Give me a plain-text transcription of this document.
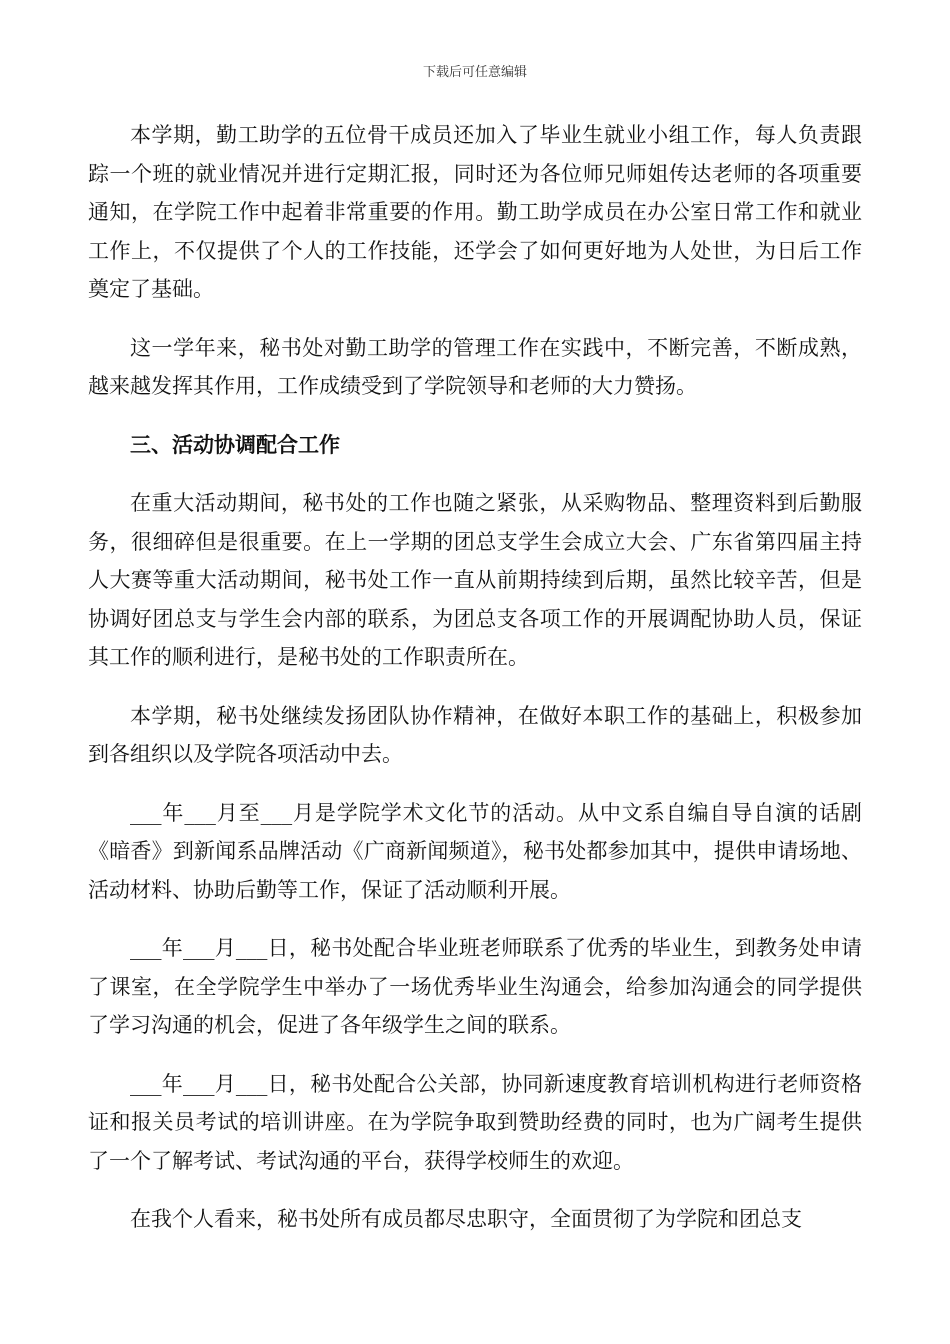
下载后可任意编辑

本学期，勤工助学的五位骨干成员还加入了毕业生就业小组工作，每人负责跟踪一个班的就业情况并进行定期汇报，同时还为各位师兄师姐传达老师的各项重要通知，在学院工作中起着非常重要的作用。勤工助学成员在办公室日常工作和就业工作上，不仅提供了个人的工作技能，还学会了如何更好地为人处世，为日后工作奠定了基础。

这一学年来，秘书处对勤工助学的管理工作在实践中，不断完善，不断成熟，越来越发挥其作用，工作成绩受到了学院领导和老师的大力赞扬。

三、活动协调配合工作

在重大活动期间，秘书处的工作也随之紧张，从采购物品、整理资料到后勤服务，很细碎但是很重要。在上一学期的团总支学生会成立大会、广东省第四届主持人大赛等重大活动期间，秘书处工作一直从前期持续到后期，虽然比较辛苦，但是协调好团总支与学生会内部的联系，为团总支各项工作的开展调配协助人员，保证其工作的顺利进行，是秘书处的工作职责所在。

本学期，秘书处继续发扬团队协作精神，在做好本职工作的基础上，积极参加到各组织以及学院各项活动中去。

___年___月至___月是学院学术文化节的活动。从中文系自编自导自演的话剧《暗香》到新闻系品牌活动《广商新闻频道》，秘书处都参加其中，提供申请场地、活动材料、协助后勤等工作，保证了活动顺利开展。

___年___月___日，秘书处配合毕业班老师联系了优秀的毕业生，到教务处申请了课室，在全学院学生中举办了一场优秀毕业生沟通会，给参加沟通会的同学提供了学习沟通的机会，促进了各年级学生之间的联系。

___年___月___日，秘书处配合公关部，协同新速度教育培训机构进行老师资格证和报关员考试的培训讲座。在为学院争取到赞助经费的同时，也为广阔考生提供了一个了解考试、考试沟通的平台，获得学校师生的欢迎。

在我个人看来，秘书处所有成员都尽忠职守，全面贯彻了为学院和团总支
